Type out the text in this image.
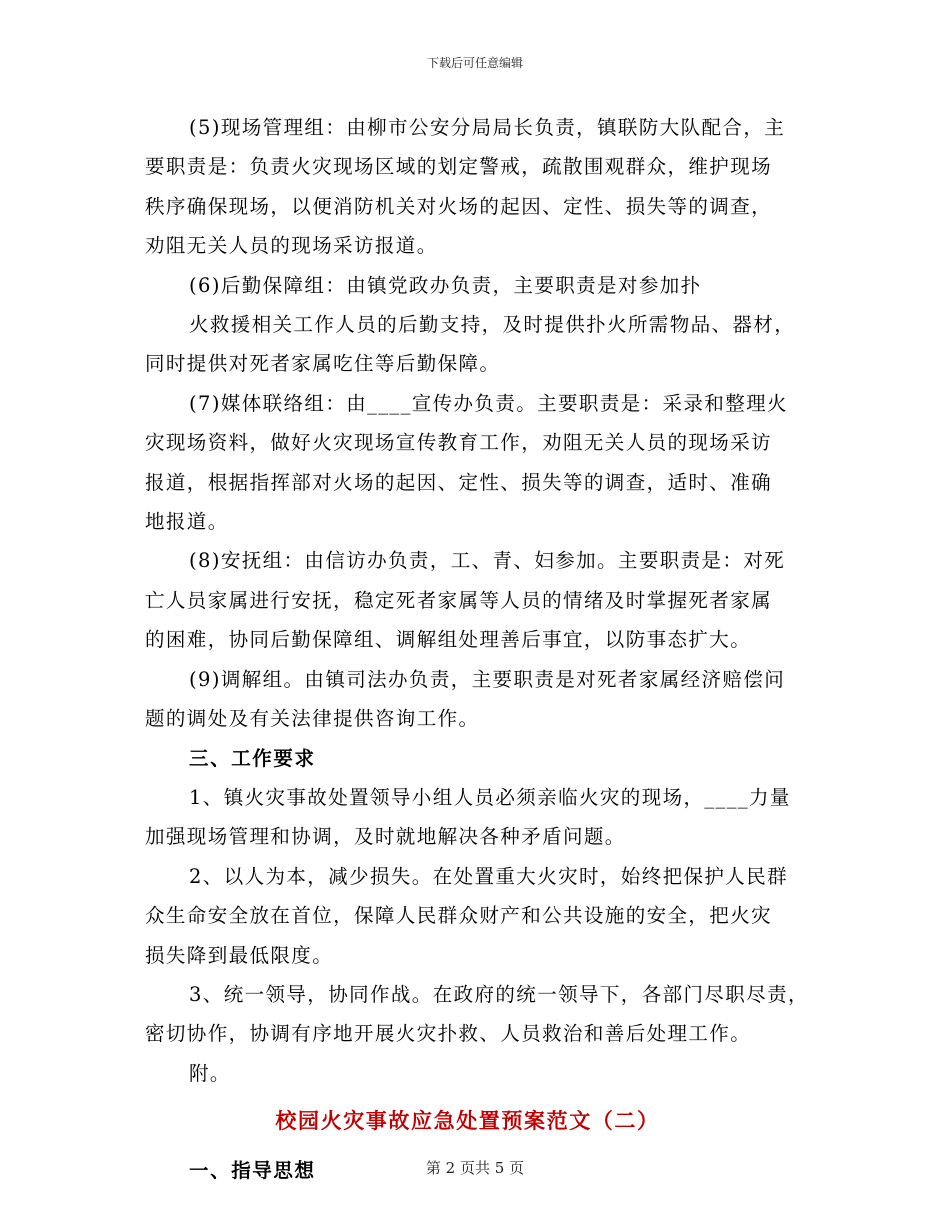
下载后可任意编辑

(5)现场管理组：由柳市公安分局局长负责，镇联防大队配合，主
要职责是：负责火灾现场区域的划定警戒，疏散围观群众，维护现场
秩序确保现场，以便消防机关对火场的起因、定性、损失等的调查，
劝阻无关人员的现场采访报道。

(6)后勤保障组：由镇党政办负责，主要职责是对参加扑
火救援相关工作人员的后勤支持，及时提供扑火所需物品、器材，
同时提供对死者家属吃住等后勤保障。

(7)媒体联络组：由____宣传办负责。主要职责是：采录和整理火
灾现场资料，做好火灾现场宣传教育工作，劝阻无关人员的现场采访
报道，根据指挥部对火场的起因、定性、损失等的调查，适时、准确
地报道。

(8)安抚组：由信访办负责，工、青、妇参加。主要职责是：对死
亡人员家属进行安抚，稳定死者家属等人员的情绪及时掌握死者家属
的困难，协同后勤保障组、调解组处理善后事宜，以防事态扩大。

(9)调解组。由镇司法办负责，主要职责是对死者家属经济赔偿问
题的调处及有关法律提供咨询工作。

三、工作要求

1、镇火灾事故处置领导小组人员必须亲临火灾的现场，____力量
加强现场管理和协调，及时就地解决各种矛盾问题。

2、以人为本，减少损失。在处置重大火灾时，始终把保护人民群
众生命安全放在首位，保障人民群众财产和公共设施的安全，把火灾
损失降到最低限度。

3、统一领导，协同作战。在政府的统一领导下，各部门尽职尽责，
密切协作，协调有序地开展火灾扑救、人员救治和善后处理工作。

附。

校园火灾事故应急处置预案范文（二）

一、指导思想	第 2 页共 5 页
